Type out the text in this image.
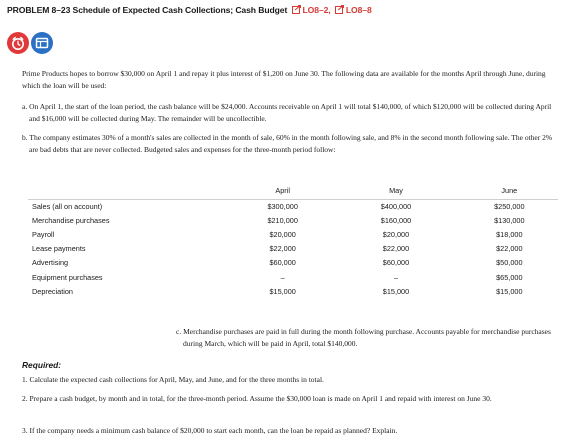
PROBLEM 8–23 Schedule of Expected Cash Collections; Cash Budget LO8–2, LO8–8

Prime Products hopes to borrow $30,000 on April 1 and repay it plus interest of $1,200 on June 30. The following data are available for the months April through June, during which the loan will be used:

a. On April 1, the start of the loan period, the cash balance will be $24,000. Accounts receivable on April 1 will total $140,000, of which $120,000 will be collected during April and $16,000 will be collected during May. The remainder will be uncollectible.

b. The company estimates 30% of a month's sales are collected in the month of sale, 60% in the month following sale, and 8% in the second month following sale. The other 2% are bad debts that are never collected. Budgeted sales and expenses for the three-month period follow:

		April		May		June
Sales (all on account)		$300,000		$400,000		$250,000
Merchandise purchases		$210,000		$160,000		$130,000
Payroll		$20,000		$20,000		$18,000
Lease payments		$22,000		$22,000		$22,000
Advertising		$60,000		$60,000		$50,000
Equipment purchases		–		–		$65,000
Depreciation		$15,000		$15,000		$15,000

c. Merchandise purchases are paid in full during the month following purchase. Accounts payable for merchandise purchases during March, which will be paid in April, total $140,000.

Required:

1. Calculate the expected cash collections for April, May, and June, and for the three months in total.

2. Prepare a cash budget, by month and in total, for the three-month period. Assume the $30,000 loan is made on April 1 and repaid with interest on June 30.

3. If the company needs a minimum cash balance of $20,000 to start each month, can the loan be repaid as planned? Explain.
